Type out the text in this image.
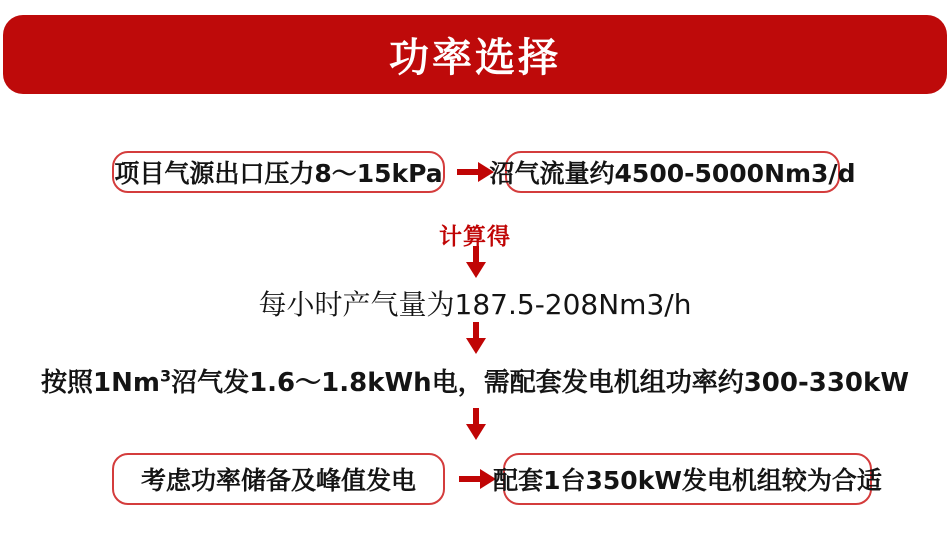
功率选择
项目气源出口压力8～15kPa 沼气流量约4500-5000Nm3/d
计算得
每小时产气量为187.5-208Nm3/h
按照1Nm$^3$沼气发1.6～1.8kWh电，需配套发电机组功率约300-330kW
考虑功率储备及峰值发电	配套1台350kW发电机组较为合适
